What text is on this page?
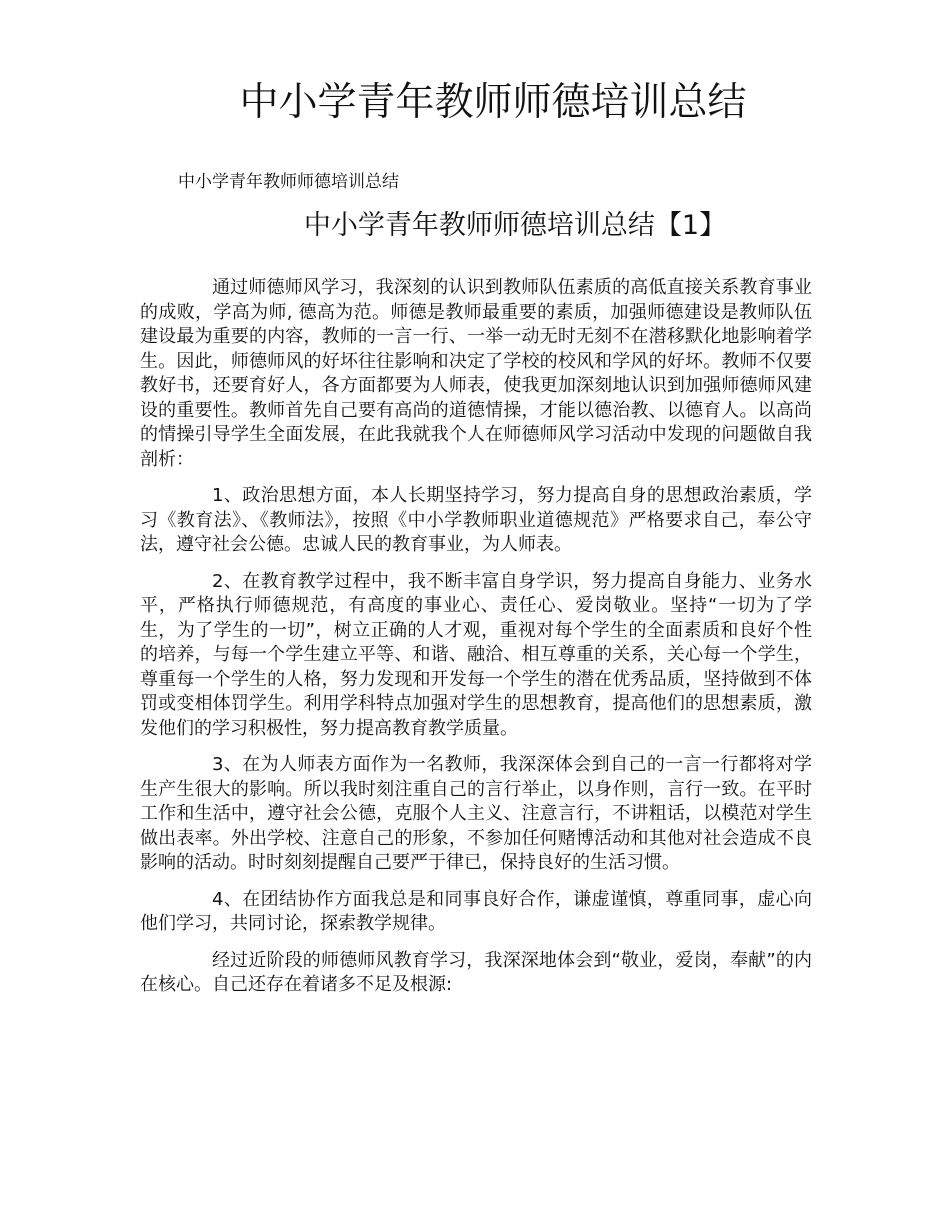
中小学青年教师师德培训总结

中小学青年教师师德培训总结

中小学青年教师师德培训总结【1】

通过师德师风学习，我深刻的认识到教师队伍素质的高低直接关系教育事业的成败，学高为师, 德高为范。师德是教师最重要的素质，加强师德建设是教师队伍建设最为重要的内容，教师的一言一行、一举一动无时无刻不在潜移默化地影响着学生。因此，师德师风的好坏往往影响和决定了学校的校风和学风的好坏。教师不仅要教好书，还要育好人，各方面都要为人师表，使我更加深刻地认识到加强师德师风建设的重要性。教师首先自己要有高尚的道德情操，才能以德治教、以德育人。以高尚的情操引导学生全面发展，在此我就我个人在师德师风学习活动中发现的问题做自我剖析：

1、政治思想方面，本人长期坚持学习，努力提高自身的思想政治素质，学习《教育法》、《教师法》，按照《中小学教师职业道德规范》严格要求自己，奉公守法，遵守社会公德。忠诚人民的教育事业，为人师表。

2、在教育教学过程中，我不断丰富自身学识，努力提高自身能力、业务水平，严格执行师德规范，有高度的事业心、责任心、爱岗敬业。坚持“一切为了学生，为了学生的一切”，树立正确的人才观，重视对每个学生的全面素质和良好个性的培养，与每一个学生建立平等、和谐、融洽、相互尊重的关系，关心每一个学生，尊重每一个学生的人格，努力发现和开发每一个学生的潜在优秀品质，坚持做到不体罚或变相体罚学生。利用学科特点加强对学生的思想教育，提高他们的思想素质，激发他们的学习积极性，努力提高教育教学质量。

3、在为人师表方面作为一名教师，我深深体会到自己的一言一行都将对学生产生很大的影响。所以我时刻注重自己的言行举止，以身作则，言行一致。在平时工作和生活中，遵守社会公德，克服个人主义、注意言行，不讲粗话，以模范对学生做出表率。外出学校、注意自己的形象，不参加任何赌博活动和其他对社会造成不良影响的活动。时时刻刻提醒自己要严于律已，保持良好的生活习惯。

4、在团结协作方面我总是和同事良好合作，谦虚谨慎，尊重同事，虚心向他们学习，共同讨论，探索教学规律。

经过近阶段的师德师风教育学习，我深深地体会到“敬业，爱岗，奉献”的内在核心。自己还存在着诸多不足及根源:
